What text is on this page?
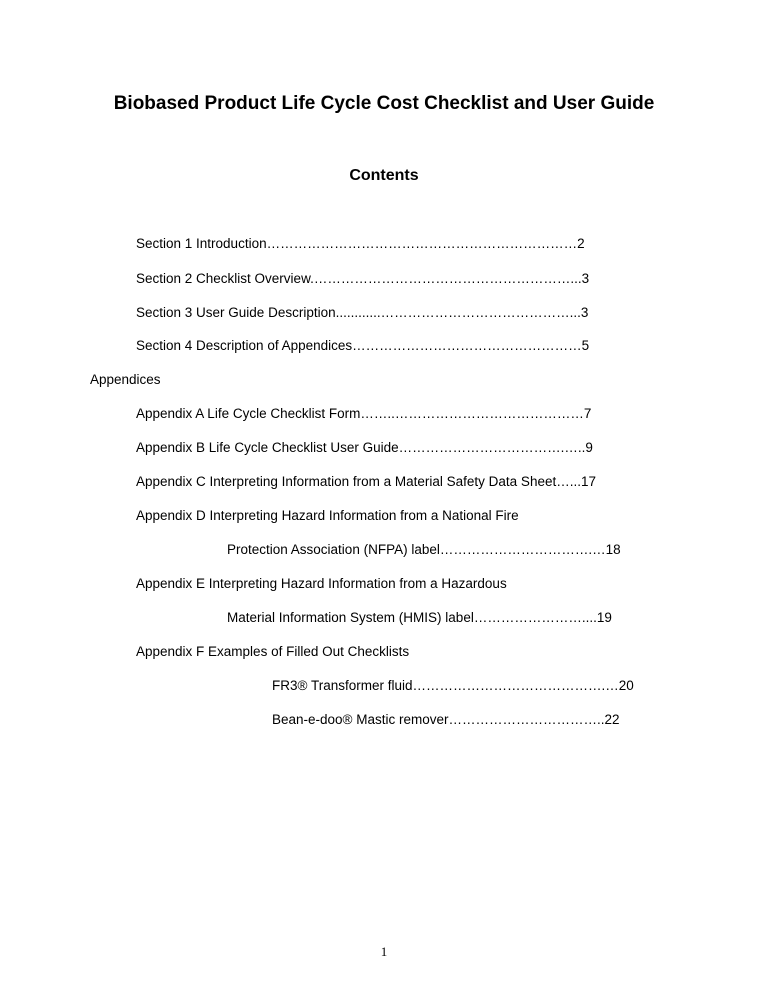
Biobased Product Life Cycle Cost Checklist and User Guide
Contents
Section 1 Introduction……………………………………………………………2
Section 2 Checklist Overview.…………………………………………………...3
Section 3 User Guide Description............……………………………………...3
Section 4 Description of Appendices……………………………………………5
Appendices
Appendix A Life Cycle Checklist Form……..……………………………………7
Appendix B Life Cycle Checklist User Guide……………………………….…..9
Appendix C Interpreting Information from a Material Safety Data Sheet…...17
Appendix D Interpreting Hazard Information from a National Fire
Protection Association (NFPA) label…………………………….…18
Appendix E Interpreting Hazard Information from a Hazardous
Material Information System (HMIS) label……………………....19
Appendix F Examples of Filled Out Checklists
FR3® Transformer fluid…………………………………….…20
Bean-e-doo® Mastic remover……………………………..22
1
